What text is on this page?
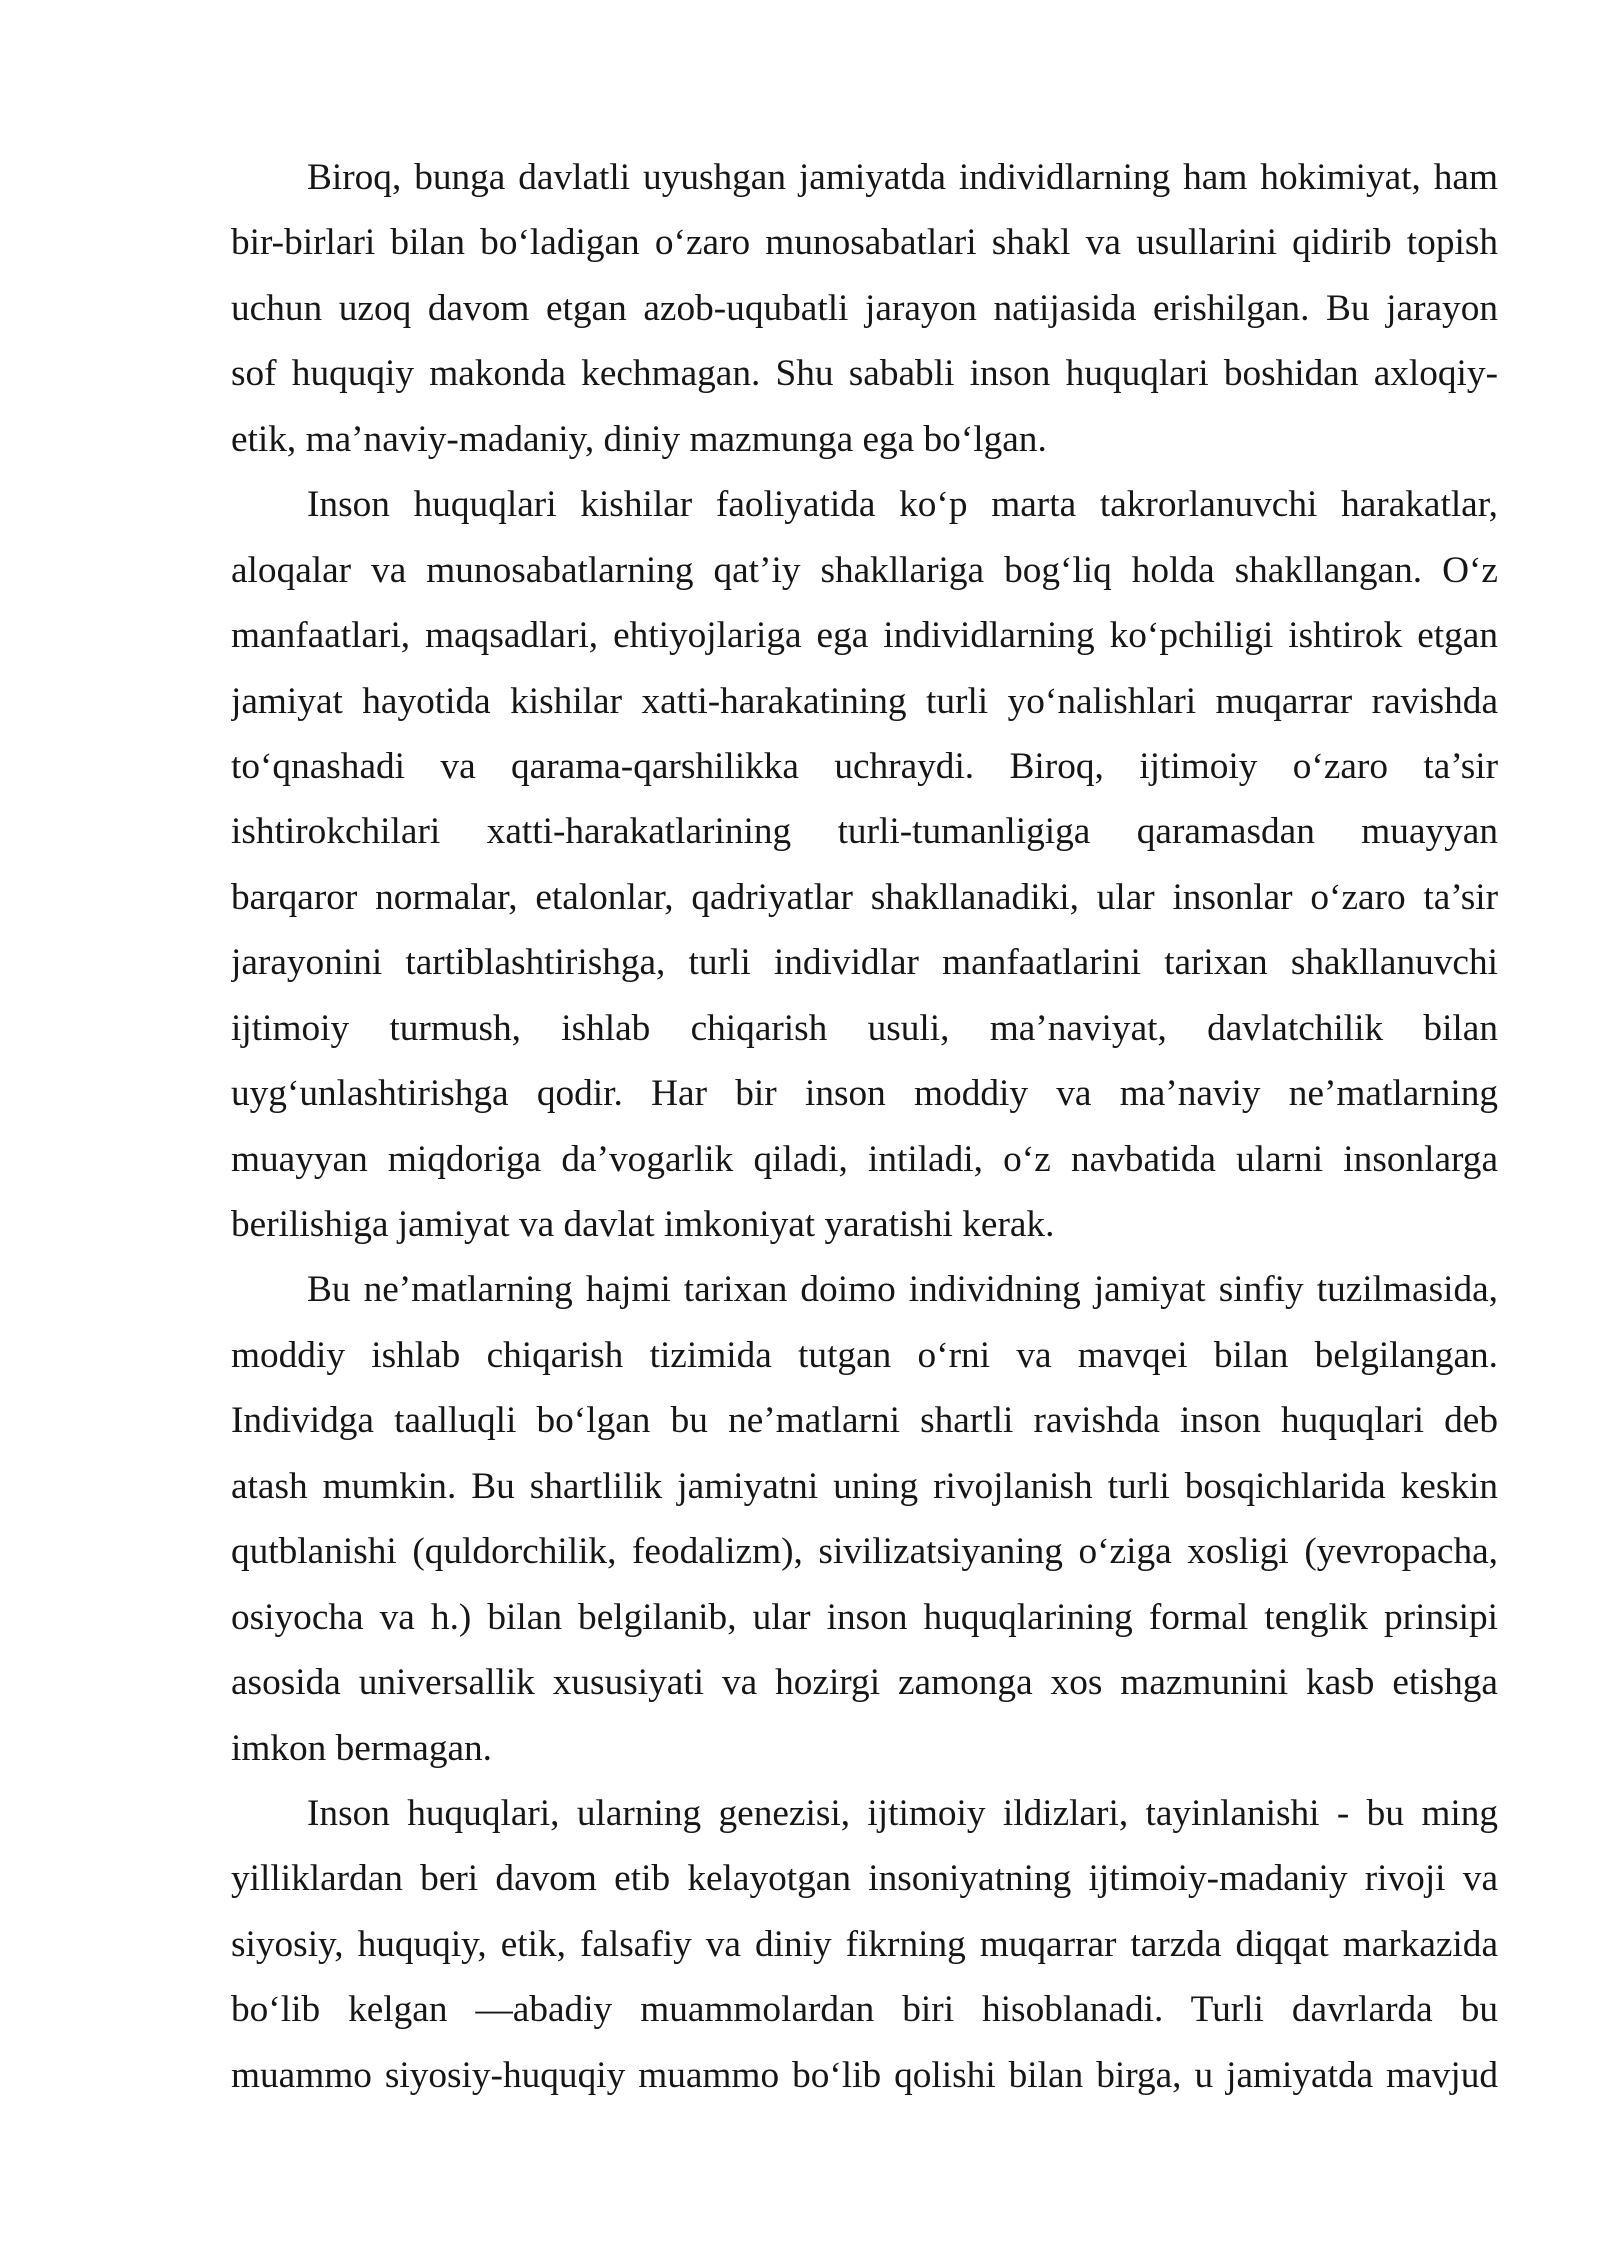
Biroq, bunga davlatli uyushgan jamiyatda individlarning ham hokimiyat, ham
bir-birlari bilan bo‘ladigan o‘zaro munosabatlari shakl va usullarini qidirib topish
uchun uzoq davom etgan azob-uqubatli jarayon natijasida erishilgan. Bu jarayon
sof huquqiy makonda kechmagan. Shu sababli inson huquqlari boshidan axloqiy-
etik, ma’naviy-madaniy, diniy mazmunga ega bo‘lgan.
Inson huquqlari kishilar faoliyatida ko‘p marta takrorlanuvchi harakatlar,
aloqalar va munosabatlarning qat’iy shakllariga bog‘liq holda shakllangan. O‘z
manfaatlari, maqsadlari, ehtiyojlariga ega individlarning ko‘pchiligi ishtirok etgan
jamiyat hayotida kishilar xatti-harakatining turli yo‘nalishlari muqarrar ravishda
to‘qnashadi va qarama-qarshilikka uchraydi. Biroq, ijtimoiy o‘zaro ta’sir
ishtirokchilari xatti-harakatlarining turli-tumanligiga qaramasdan muayyan
barqaror normalar, etalonlar, qadriyatlar shakllanadiki, ular insonlar o‘zaro ta’sir
jarayonini tartiblashtirishga, turli individlar manfaatlarini tarixan shakllanuvchi
ijtimoiy turmush, ishlab chiqarish usuli, ma’naviyat, davlatchilik bilan
uyg‘unlashtirishga qodir. Har bir inson moddiy va ma’naviy ne’matlarning
muayyan miqdoriga da’vogarlik qiladi, intiladi, o‘z navbatida ularni insonlarga
berilishiga jamiyat va davlat imkoniyat yaratishi kerak.
Bu ne’matlarning hajmi tarixan doimo individning jamiyat sinfiy tuzilmasida,
moddiy ishlab chiqarish tizimida tutgan o‘rni va mavqei bilan belgilangan.
Individga taalluqli bo‘lgan bu ne’matlarni shartli ravishda inson huquqlari deb
atash mumkin. Bu shartlilik jamiyatni uning rivojlanish turli bosqichlarida keskin
qutblanishi (quldorchilik, feodalizm), sivilizatsiyaning o‘ziga xosligi (yevropacha,
osiyocha va h.) bilan belgilanib, ular inson huquqlarining formal tenglik prinsipi
asosida universallik xususiyati va hozirgi zamonga xos mazmunini kasb etishga
imkon bermagan.
Inson huquqlari, ularning genezisi, ijtimoiy ildizlari, tayinlanishi - bu ming
yilliklardan beri davom etib kelayotgan insoniyatning ijtimoiy-madaniy rivoji va
siyosiy, huquqiy, etik, falsafiy va diniy fikrning muqarrar tarzda diqqat markazida
bo‘lib kelgan —abadiy muammolardan biri hisoblanadi. Turli davrlarda bu
muammo siyosiy-huquqiy muammo bo‘lib qolishi bilan birga, u jamiyatda mavjud
